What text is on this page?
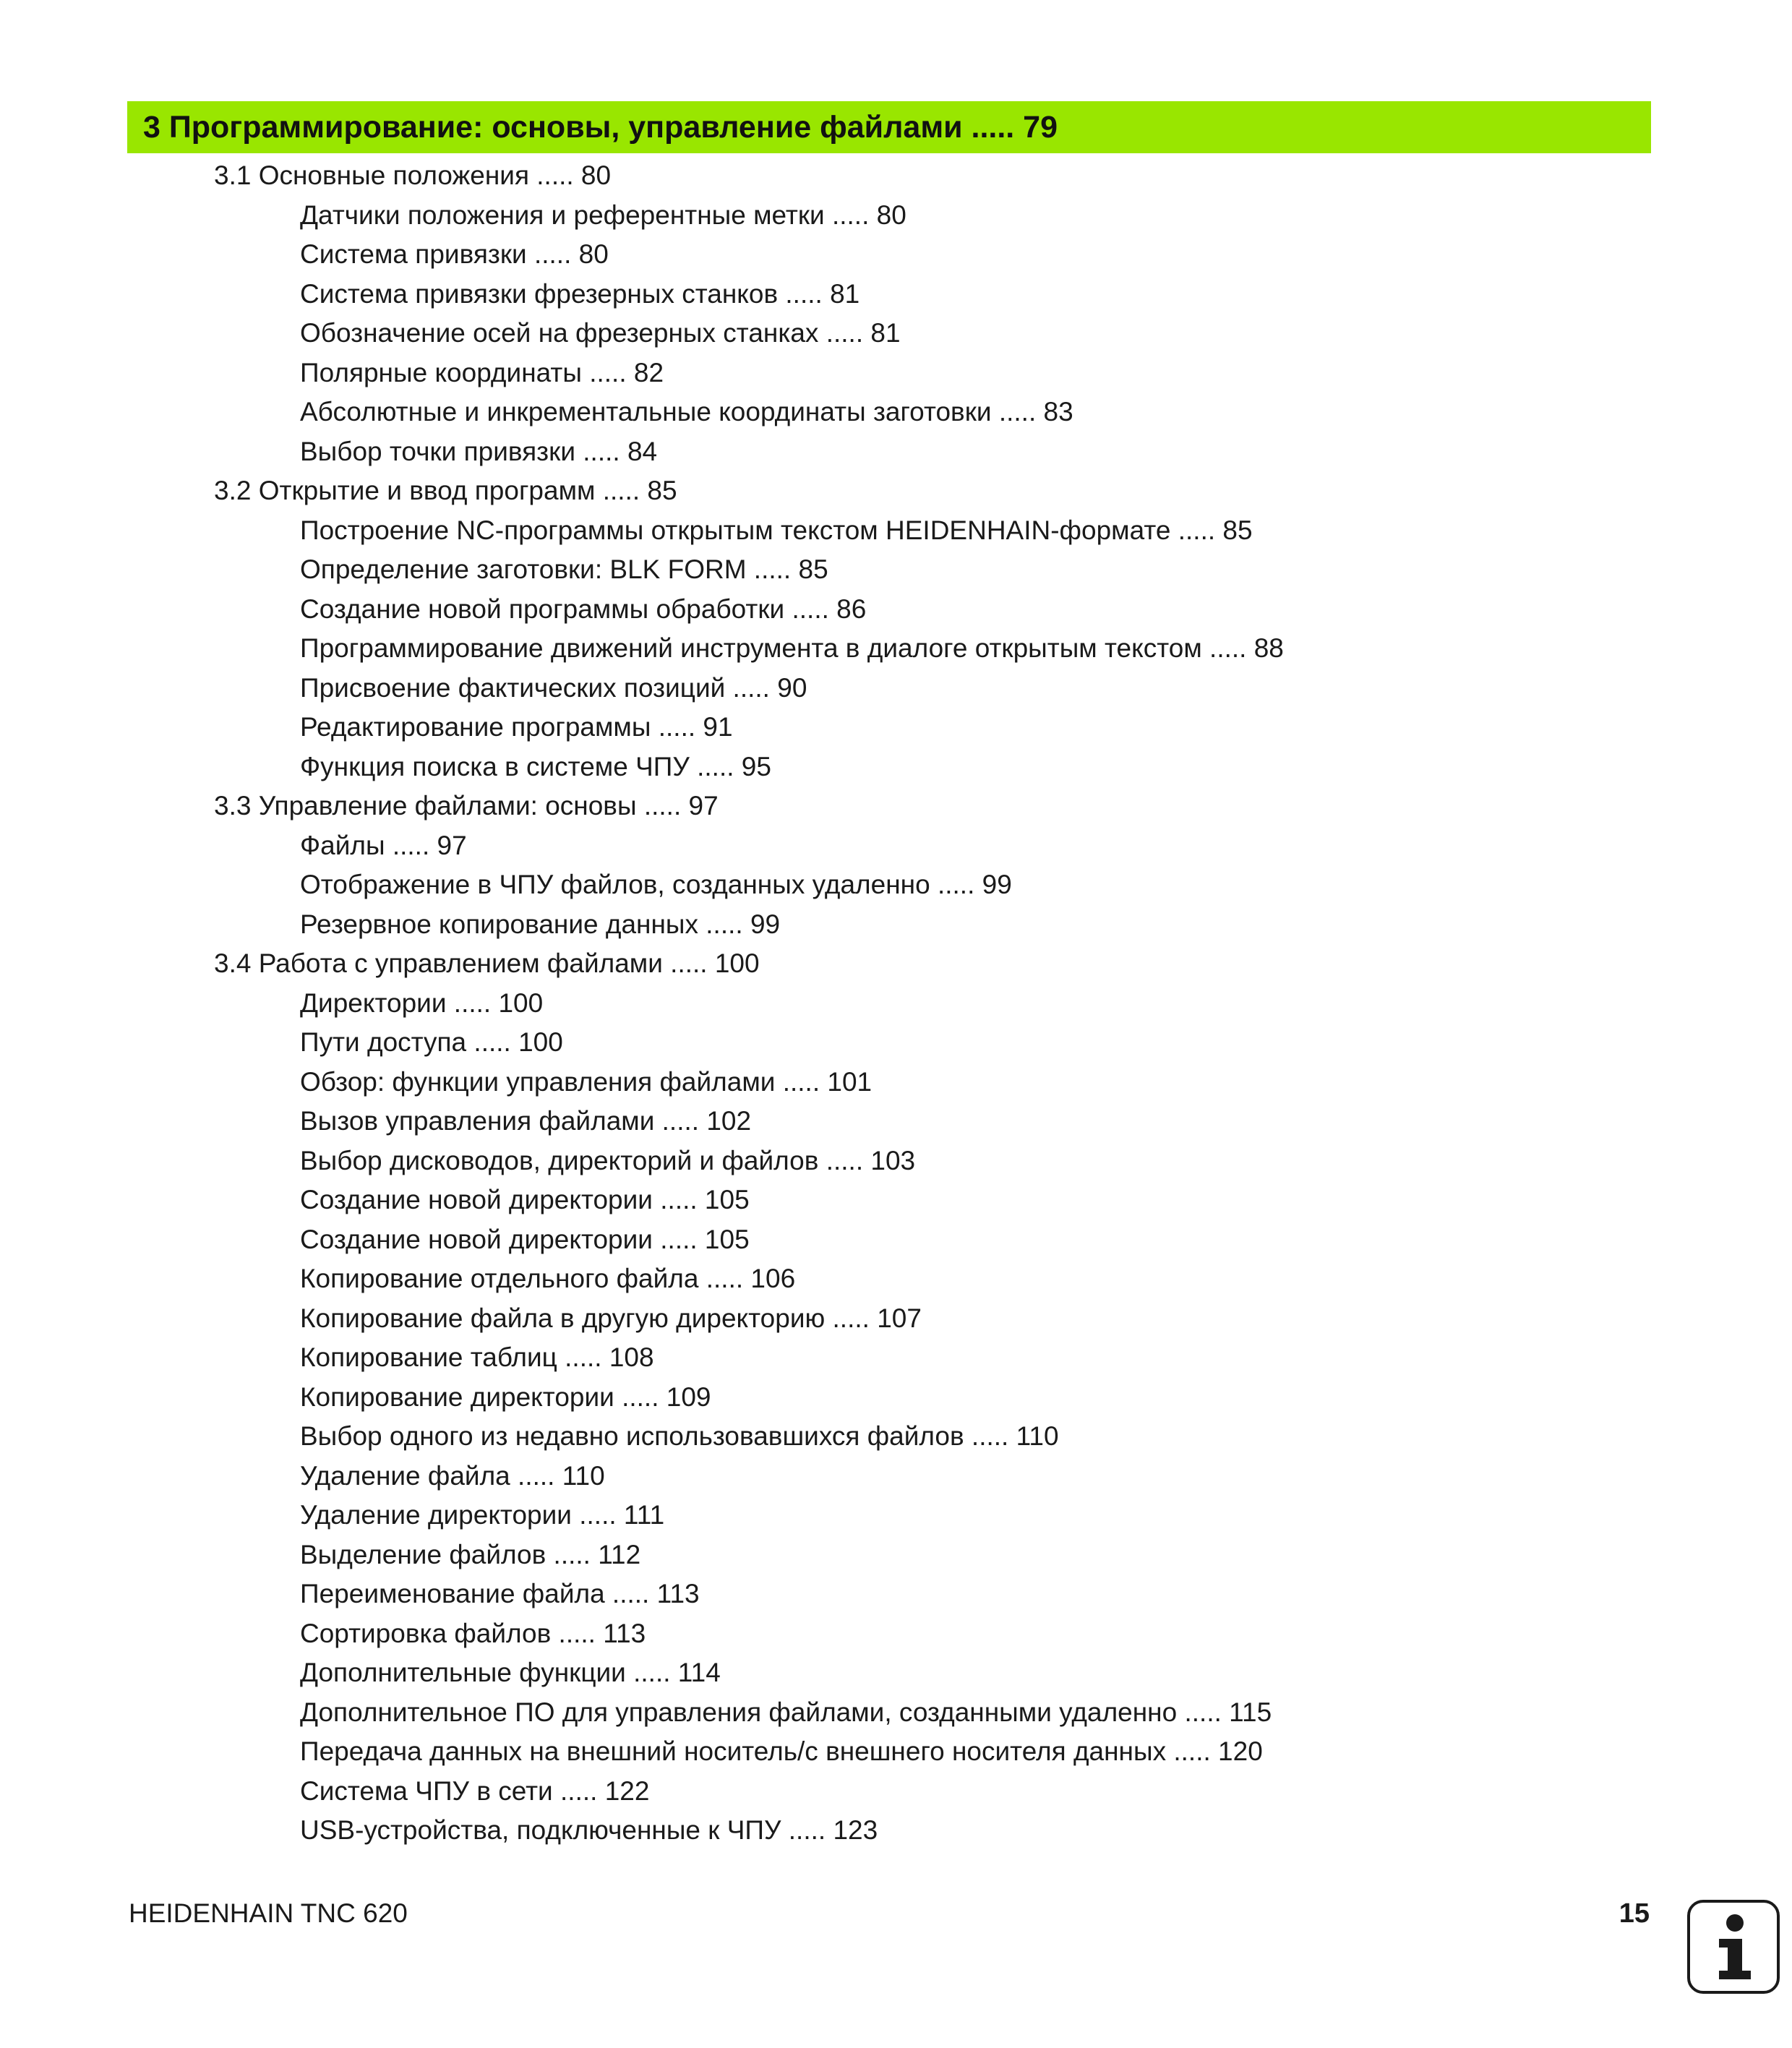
3 Программирование: основы, управление файлами ..... 79
3.1 Основные положения ..... 80
Датчики положения и референтные метки ..... 80
Система привязки ..... 80
Система привязки фрезерных станков ..... 81
Обозначение осей на фрезерных станках ..... 81
Полярные координаты ..... 82
Абсолютные и инкрементальные координаты заготовки ..... 83
Выбор точки привязки ..... 84
3.2 Открытие и ввод программ ..... 85
Построение NC-программы открытым текстом HEIDENHAIN-формате ..... 85
Определение заготовки: BLK FORM ..... 85
Создание новой программы обработки ..... 86
Программирование движений инструмента в диалоге открытым текстом ..... 88
Присвоение фактических позиций ..... 90
Редактирование программы ..... 91
Функция поиска в системе ЧПУ ..... 95
3.3 Управление файлами: основы ..... 97
Файлы ..... 97
Отображение в ЧПУ файлов, созданных удаленно ..... 99
Резервное копирование данных ..... 99
3.4 Работа с управлением файлами ..... 100
Директории ..... 100
Пути доступа ..... 100
Обзор: функции управления файлами ..... 101
Вызов управления файлами ..... 102
Выбор дисководов, директорий и файлов ..... 103
Создание новой директории ..... 105
Создание новой директории ..... 105
Копирование отдельного файла ..... 106
Копирование файла в другую директорию ..... 107
Копирование таблиц ..... 108
Копирование директории ..... 109
Выбор одного из недавно использовавшихся файлов ..... 110
Удаление файла ..... 110
Удаление директории ..... 111
Выделение файлов ..... 112
Переименование файла ..... 113
Сортировка файлов ..... 113
Дополнительные функции ..... 114
Дополнительное ПО для управления файлами, созданными удаленно ..... 115
Передача данных на внешний носитель/с внешнего носителя данных ..... 120
Система ЧПУ в сети ..... 122
USB-устройства, подключенные к ЧПУ ..... 123
HEIDENHAIN TNC 620	15
